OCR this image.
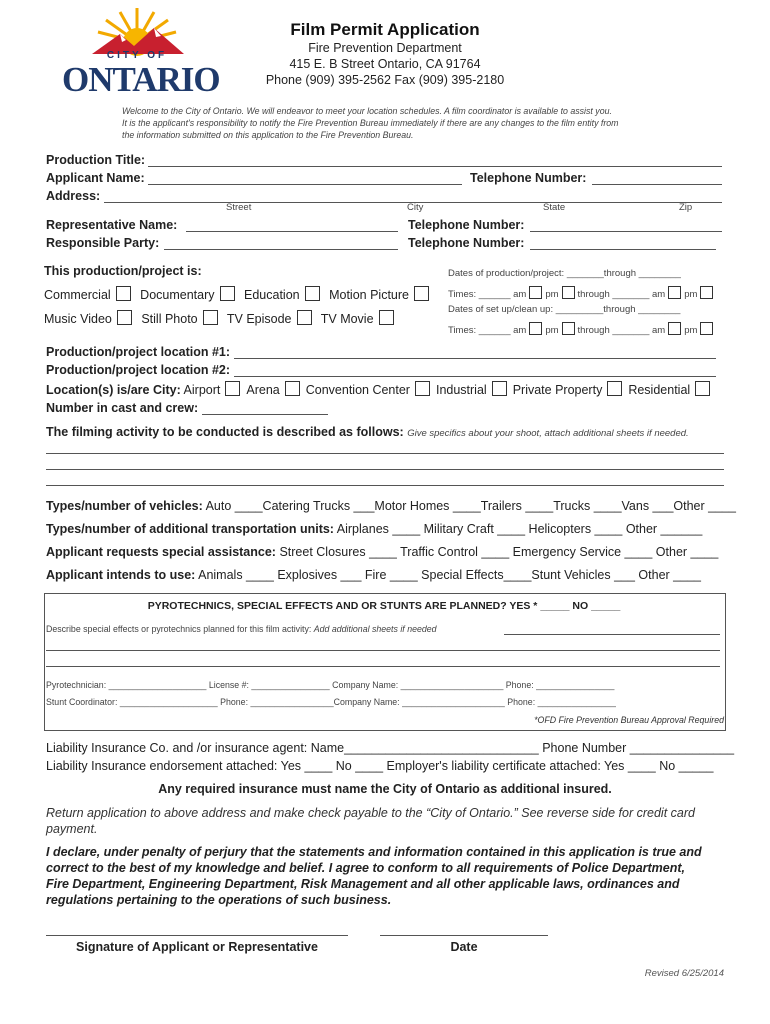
CITY OF
ONTARIO
Film Permit Application
Fire Prevention Department
415 E. B Street Ontario, CA 91764
Phone (909) 395-2562 Fax (909) 395-2180
Welcome to the City of Ontario. We will endeavor to meet your location schedules. A film coordinator is available to assist you.
It is the applicant's responsibility to notify the Fire Prevention Bureau immediately if there are any changes to the film entity from
the information submitted on this application to the Fire Prevention Bureau.
Production Title:
Applicant Name:	Telephone Number:
Address:
Street	City	State	Zip
Representative Name:	Telephone Number:
Responsible Party:	Telephone Number:
This production/project is:
Commercial Documentary Education Motion Picture
Music Video Still Photo TV Episode TV Movie
Dates of production/project: _______through ________
Times: ______ am pm through _______ am pm
Dates of set up/clean up: _________through ________
Times: ______ am pm through _______ am pm
Production/project location #1:
Production/project location #2:
Location(s) is/are City: Airport Arena Convention Center Industrial Private Property Residential
Number in cast and crew:
The filming activity to be conducted is described as follows: Give specifics about your shoot, attach additional sheets if needed.
Types/number of vehicles: Auto ____Catering Trucks ___Motor Homes ____Trailers ____Trucks ____Vans ___Other ____
Types/number of additional transportation units: Airplanes ____ Military Craft ____ Helicopters ____ Other ______
Applicant requests special assistance: Street Closures ____ Traffic Control ____ Emergency Service ____ Other ____
Applicant intends to use: Animals ____ Explosives ___ Fire ____ Special Effects____Stunt Vehicles ___ Other ____
PYROTECHNICS, SPECIAL EFFECTS AND OR STUNTS ARE PLANNED? YES * _____ NO _____
Describe special effects or pyrotechnics planned for this film activity: Add additional sheets if needed
Pyrotechnician: ____________________ License #: ________________ Company Name: _____________________ Phone: ________________
Stunt Coordinator: ____________________ Phone: _________________Company Name: _____________________ Phone: ________________
*OFD Fire Prevention Bureau Approval Required
Liability Insurance Co. and /or insurance agent: Name____________________________ Phone Number _______________
Liability Insurance endorsement attached: Yes ____ No ____ Employer's liability certificate attached: Yes ____ No _____
Any required insurance must name the City of Ontario as additional insured.
Return application to above address and make check payable to the “City of Ontario.” See reverse side for credit card
payment.
I declare, under penalty of perjury that the statements and information contained in this application is true and
correct to the best of my knowledge and belief. I agree to conform to all requirements of Police Department,
Fire Department, Engineering Department, Risk Management and all other applicable laws, ordinances and
regulations pertaining to the operations of such business.
Signature of Applicant or Representative	Date
Revised 6/25/2014
